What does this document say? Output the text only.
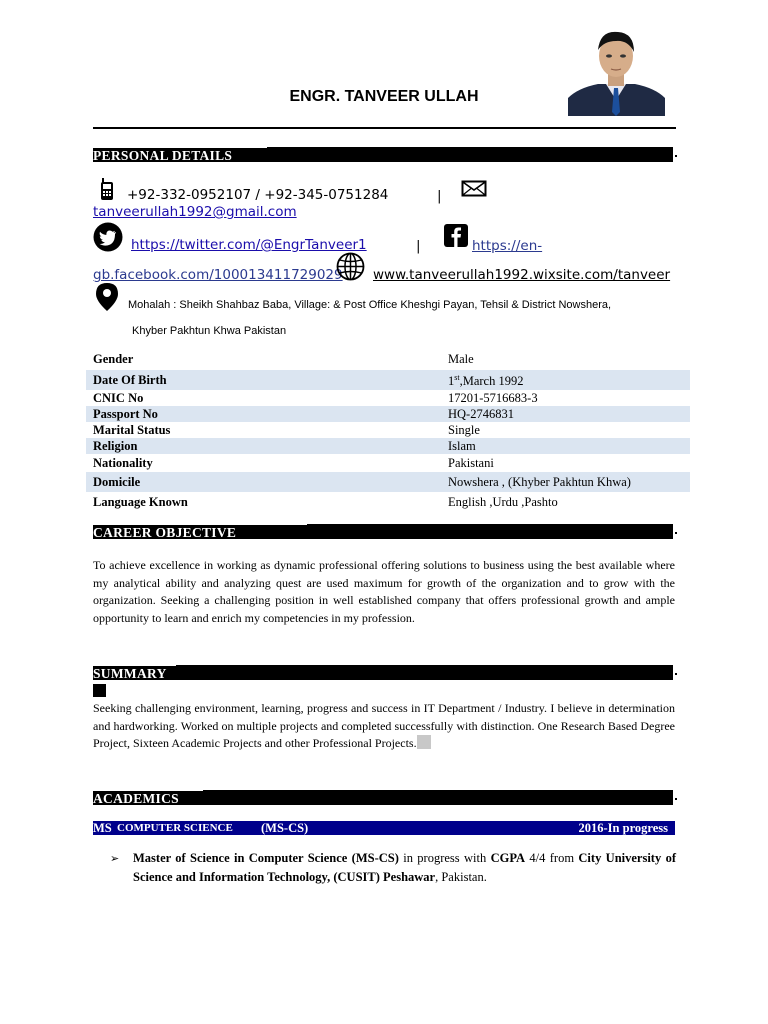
ENGR. TANVEER ULLAH
PERSONAL DETAILS
+92-332-0952107 / +92-345-0751284	|
tanveerullah1992@gmail.com
https://twitter.com/@EngrTanveer1	|	https://en-
gb.facebook.com/100013411729029 www.tanveerullah1992.wixsite.com/tanveer
Mohalah : Sheikh Shahbaz Baba, Village: & Post Office Kheshgi Payan, Tehsil & District Nowshera,
Khyber Pakhtun Khwa Pakistan
Gender	Male
Date Of Birth	1st,March 1992
CNIC No	17201-5716683-3
Passport No	HQ-2746831
Marital Status	Single
Religion	Islam
Nationality	Pakistani
Domicile	Nowshera , (Khyber Pakhtun Khwa)
Language Known	English ,Urdu ,Pashto
CAREER OBJECTIVE
To achieve excellence in working as dynamic professional offering solutions to business using the best available where my analytical ability and analyzing quest are used maximum for growth of the organization and to grow with the organization. Seeking a challenging position in well established company that offers professional growth and ample opportunity to learn and enrich my competencies in my profession.
SUMMARY
Seeking challenging environment, learning, progress and success in IT Department / Industry. I believe in determination and hardworking. Worked on multiple projects and completed successfully with distinction. One Research Based Degree Project, Sixteen Academic Projects and other Professional Projects.
ACADEMICS
MS COMPUTER SCIENCE (MS-CS)	2016-In progress
➢ Master of Science in Computer Science (MS-CS) in progress with CGPA 4/4 from City University of Science and Information Technology, (CUSIT) Peshawar, Pakistan.
